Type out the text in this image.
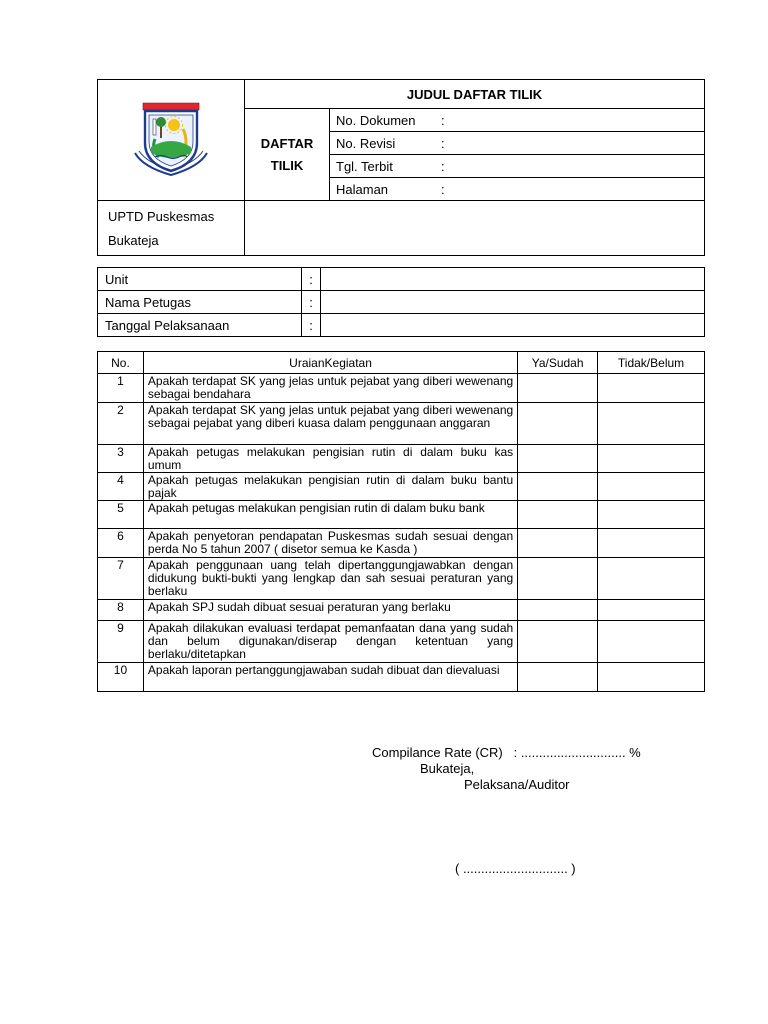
	JUDUL DAFTAR TILIK	
	DAFTAR
TILIK	No. Dokumen :
		No. Revisi :
		Tgl. Terbit :
		Halaman :
UPTD Puskesmas
Bukateja		
Unit	:	
Nama Petugas	:	
Tanggal Pelaksanaan	:	
No.	UraianKegiatan	Ya/Sudah	Tidak/Belum
1	Apakah terdapat SK yang jelas untuk pejabat yang diberi wewenang sebagai bendahara		
2	Apakah terdapat SK yang jelas untuk pejabat yang diberi wewenang sebagai pejabat yang diberi kuasa dalam penggunaan anggaran		
3	Apakah petugas melakukan pengisian rutin di dalam buku kas umum		
4	Apakah petugas melakukan pengisian rutin di dalam buku bantu pajak		
5	Apakah petugas melakukan pengisian rutin di dalam buku bank		
6	Apakah penyetoran pendapatan Puskesmas sudah sesuai dengan perda No 5 tahun 2007 ( disetor semua ke Kasda )		
7	Apakah penggunaan uang telah dipertanggungjawabkan dengan didukung bukti-bukti yang lengkap dan sah sesuai peraturan yang berlaku		
8	Apakah SPJ sudah dibuat sesuai peraturan yang berlaku		
9	Apakah dilakukan evaluasi terdapat pemanfaatan dana yang sudah dan belum digunakan/diserap dengan ketentuan yang berlaku/ditetapkan		
10	Apakah laporan pertanggungjawaban sudah dibuat dan dievaluasi		
Compilance Rate (CR)   : ............................. %
Bukateja,
Pelaksana/Auditor
( ............................. )
